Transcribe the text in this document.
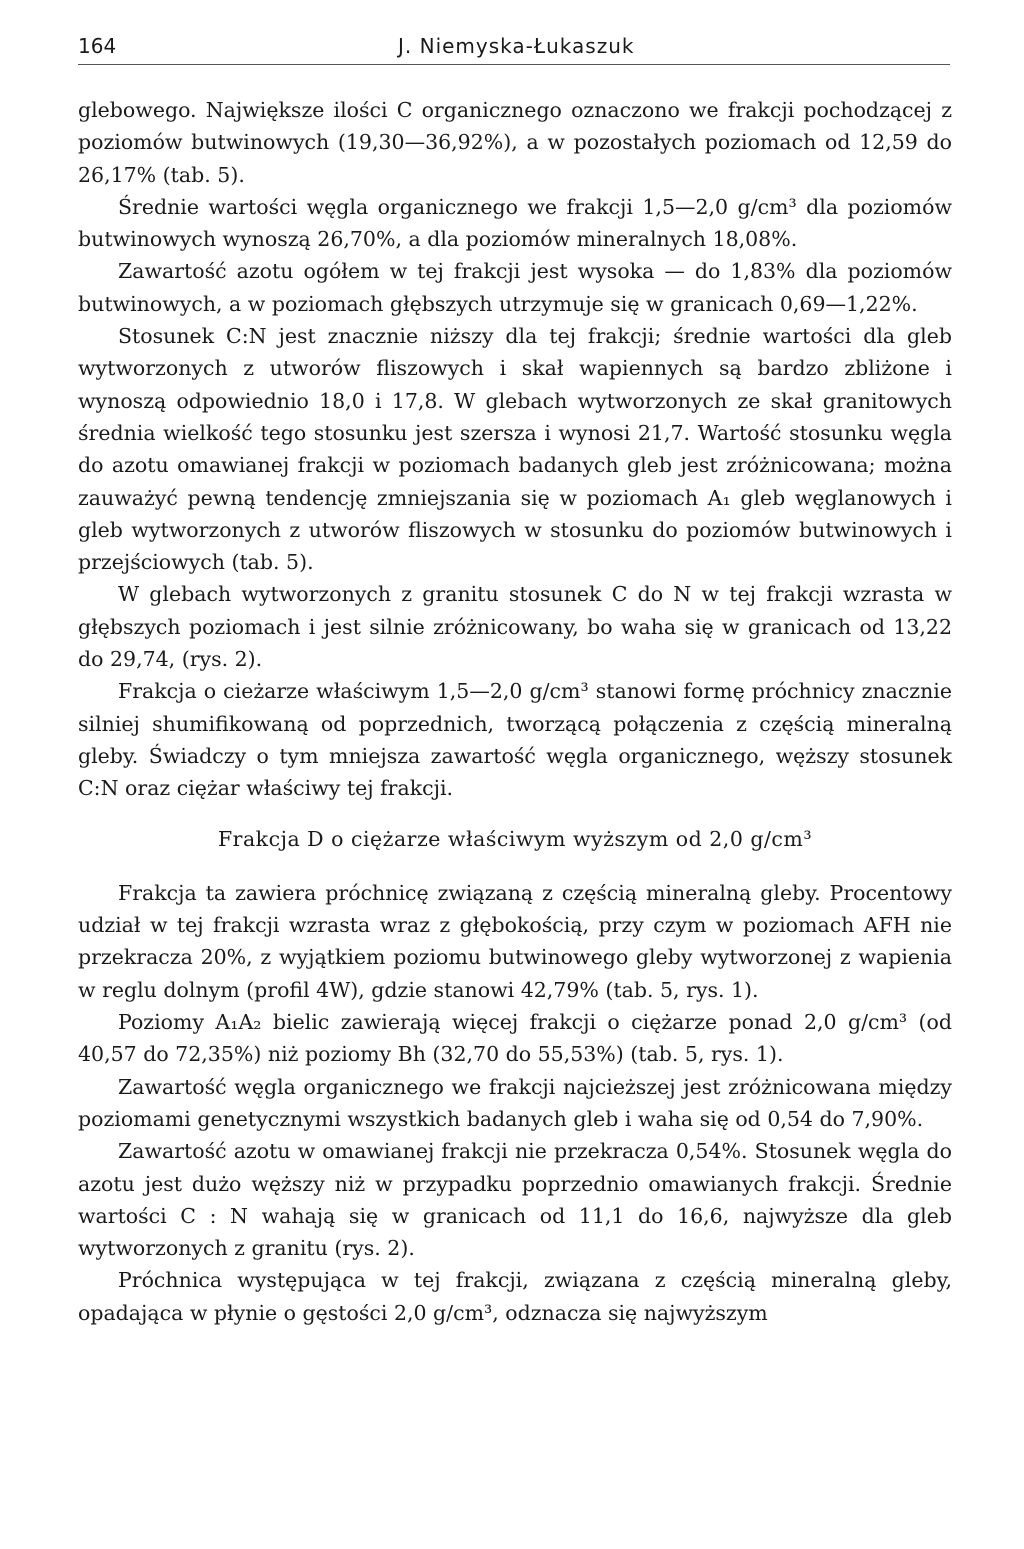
164	J. Niemyska-Łukaszuk

glebowego. Największe ilości C organicznego oznaczono we frakcji pochodzącej z poziomów butwinowych (19,30—36,92%), a w pozostałych poziomach od 12,59 do 26,17% (tab. 5).

Średnie wartości węgla organicznego we frakcji 1,5—2,0 g/cm³ dla poziomów butwinowych wynoszą 26,70%, a dla poziomów mineralnych 18,08%.

Zawartość azotu ogółem w tej frakcji jest wysoka — do 1,83% dla poziomów butwinowych, a w poziomach głębszych utrzymuje się w granicach 0,69—1,22%.

Stosunek C:N jest znacznie niższy dla tej frakcji; średnie wartości dla gleb wytworzonych z utworów fliszowych i skał wapiennych są bardzo zbliżone i wynoszą odpowiednio 18,0 i 17,8. W glebach wytworzonych ze skał granitowych średnia wielkość tego stosunku jest szersza i wynosi 21,7. Wartość stosunku węgla do azotu omawianej frakcji w poziomach badanych gleb jest zróżnicowana; można zauważyć pewną tendencję zmniejszania się w poziomach A₁ gleb węglanowych i gleb wytworzonych z utworów fliszowych w stosunku do poziomów butwinowych i przejściowych (tab. 5).

W glebach wytworzonych z granitu stosunek C do N w tej frakcji wzrasta w głębszych poziomach i jest silnie zróżnicowany, bo waha się w granicach od 13,22 do 29,74, (rys. 2).

Frakcja o cieżarze właściwym 1,5—2,0 g/cm³ stanowi formę próchnicy znacznie silniej shumifikowaną od poprzednich, tworzącą połączenia z częścią mineralną gleby. Świadczy o tym mniejsza zawartość węgla organicznego, węższy stosunek C:N oraz ciężar właściwy tej frakcji.

Frakcja D o ciężarze właściwym wyższym od 2,0 g/cm³

Frakcja ta zawiera próchnicę związaną z częścią mineralną gleby. Procentowy udział w tej frakcji wzrasta wraz z głębokością, przy czym w poziomach AFH nie przekracza 20%, z wyjątkiem poziomu butwinowego gleby wytworzonej z wapienia w reglu dolnym (profil 4W), gdzie stanowi 42,79% (tab. 5, rys. 1).

Poziomy A₁A₂ bielic zawierają więcej frakcji o ciężarze ponad 2,0 g/cm³ (od 40,57 do 72,35%) niż poziomy Bh (32,70 do 55,53%) (tab. 5, rys. 1).

Zawartość węgla organicznego we frakcji najcieższej jest zróżnicowana między poziomami genetycznymi wszystkich badanych gleb i waha się od 0,54 do 7,90%.

Zawartość azotu w omawianej frakcji nie przekracza 0,54%. Stosunek węgla do azotu jest dużo węższy niż w przypadku poprzednio omawianych frakcji. Średnie wartości C : N wahają się w granicach od 11,1 do 16,6, najwyższe dla gleb wytworzonych z granitu (rys. 2).

Próchnica występująca w tej frakcji, związana z częścią mineralną gleby, opadająca w płynie o gęstości 2,0 g/cm³, odznacza się najwyższym
